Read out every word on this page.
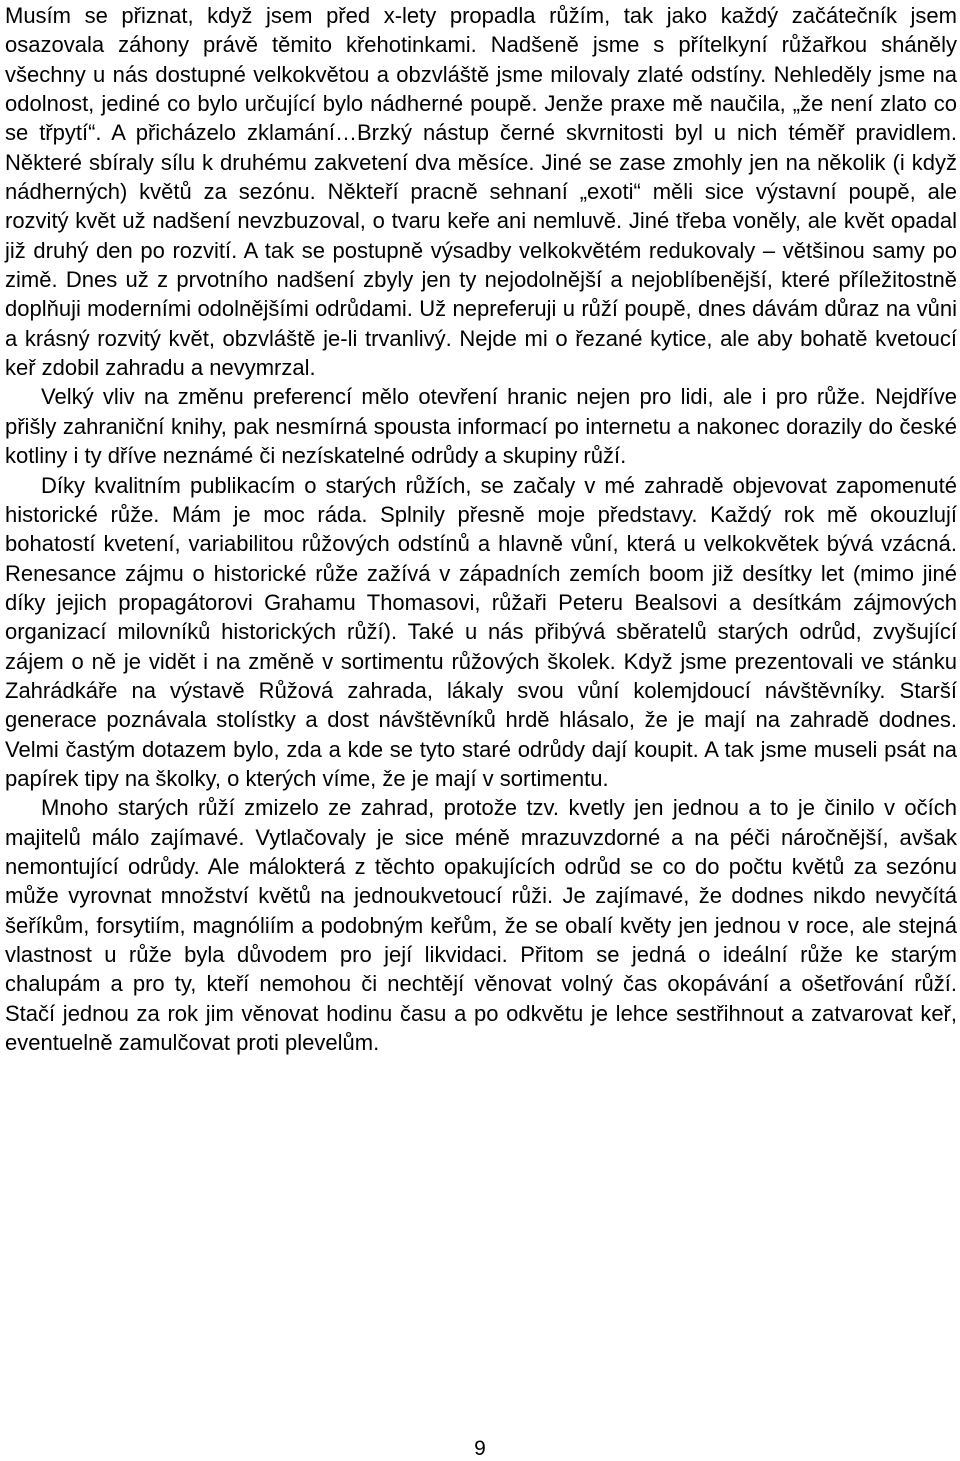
Musím se přiznat, když jsem před x-lety propadla růžím, tak jako každý začátečník jsem osazovala záhony právě těmito křehotinkami. Nadšeně jsme s přítelkyní růžařkou sháněly všechny u nás dostupné velkokvětou a obzvláště jsme milovaly zlaté odstíny. Nehleděly jsme na odolnost, jediné co bylo určující bylo nádherné poupě. Jenže praxe mě naučila, „že není zlato co se třpytí“. A přicházelo zklamání…Brzký nástup černé skvrnitosti byl u nich téměř pravidlem. Některé sbíraly sílu k druhému zakvetení dva měsíce. Jiné se zase zmohly jen na několik (i když nádherných) květů za sezónu. Někteří pracně sehnaní „exoti“ měli sice výstavní poupě, ale rozvitý květ už nadšení nevzbuzoval, o tvaru keře ani nemluvě. Jiné třeba voněly, ale květ opadal již druhý den po rozvití. A tak se postupně výsadby velkokvětém redukovaly – většinou samy po zimě. Dnes už z prvotního nadšení zbyly jen ty nejodolnější a nejoblíbenější, které příležitostně doplňuji moderními odolnějšími odrůdami. Už nepreferuji u růží poupě, dnes dávám důraz na vůni a krásný rozvitý květ, obzvláště je-li trvanlivý. Nejde mi o řezané kytice, ale aby bohatě kvetoucí keř zdobil zahradu a nevymrzal.

Velký vliv na změnu preferencí mělo otevření hranic nejen pro lidi, ale i pro růže. Nejdříve přišly zahraniční knihy, pak nesmírná spousta informací po internetu a nakonec dorazily do české kotliny i ty dříve neznámé či nezískatelné odrůdy a skupiny růží.

Díky kvalitním publikacím o starých růžích, se začaly v mé zahradě objevovat zapomenuté historické růže. Mám je moc ráda. Splnily přesně moje představy. Každý rok mě okouzlují bohatostí kvetení, variabilitou růžových odstínů a hlavně vůní, která u velkokvětek bývá vzácná. Renesance zájmu o historické růže zažívá v západních zemích boom již desítky let (mimo jiné díky jejich propagátorovi Grahamu Thomasovi, růžaři Peteru Bealsovi a desítkám zájmových organizací milovníků historických růží). Také u nás přibývá sběratelů starých odrůd, zvyšující zájem o ně je vidět i na změně v sortimentu růžových školek. Když jsme prezentovali ve stánku Zahrádkáře na výstavě Růžová zahrada, lákaly svou vůní kolemjdoucí návštěvníky. Starší generace poznávala stolístky a dost návštěvníků hrdě hlásalo, že je mají na zahradě dodnes. Velmi častým dotazem bylo, zda a kde se tyto staré odrůdy dají koupit. A tak jsme museli psát na papírek tipy na školky, o kterých víme, že je mají v sortimentu.

Mnoho starých růží zmizelo ze zahrad, protože tzv. kvetly jen jednou a to je činilo v očích majitelů málo zajímavé. Vytlačovaly je sice méně mrazuvzdorné a na péči náročnější, avšak nemontující odrůdy. Ale málokterá z těchto opakujících odrůd se co do počtu květů za sezónu může vyrovnat množství květů na jednoukvetoucí růži. Je zajímavé, že dodnes nikdo nevyčítá šeříkům, forsytiím, magnóliím a podobným keřům, že se obalí květy jen jednou v roce, ale stejná vlastnost u růže byla důvodem pro její likvidaci. Přitom se jedná o ideální růže ke starým chalupám a pro ty, kteří nemohou či nechtějí věnovat volný čas okopávání a ošetřování růží. Stačí jednou za rok jim věnovat hodinu času a po odkvětu je lehce sestřihnout a zatvarovat keř, eventuelně zamulčovat proti plevelům.

9
